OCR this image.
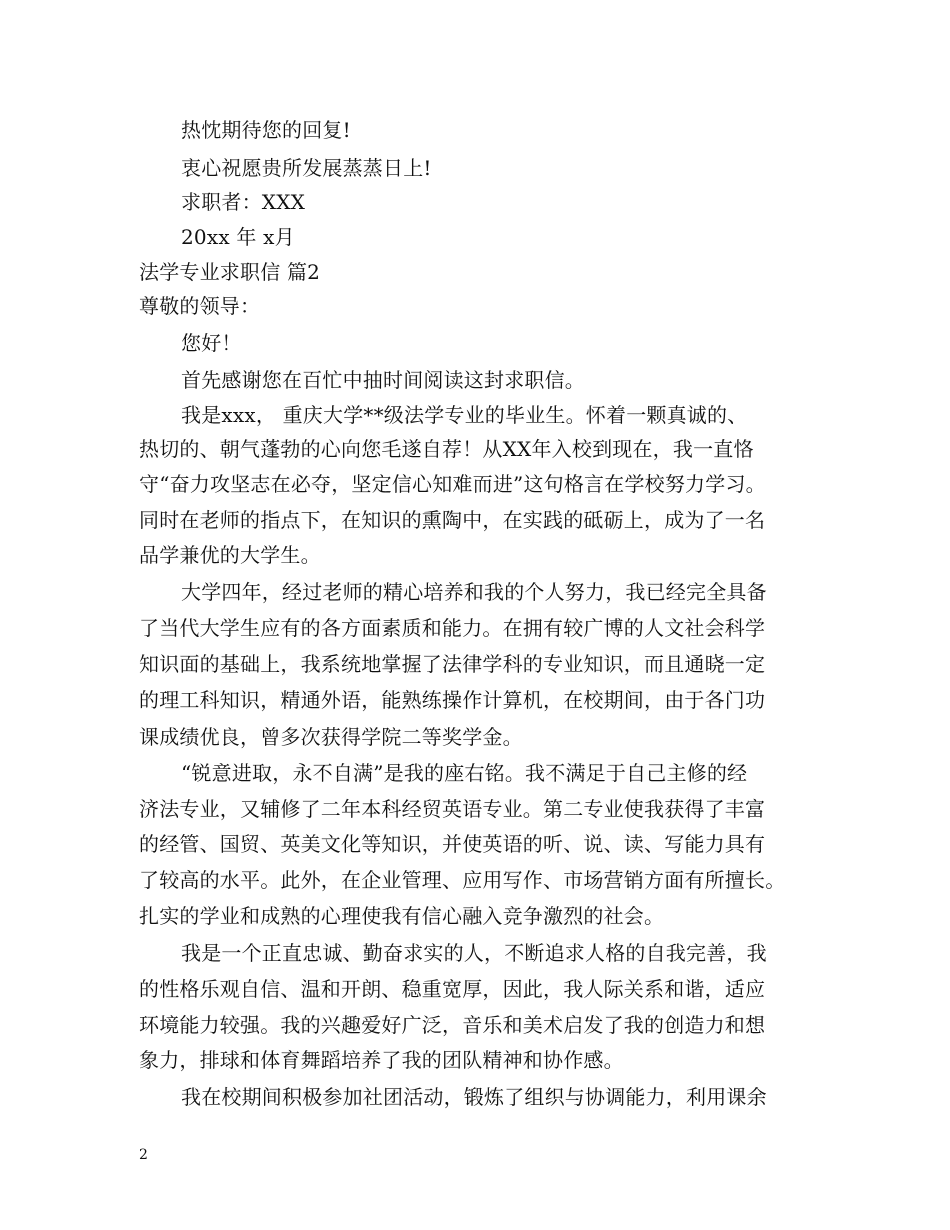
热忱期待您的回复!
衷心祝愿贵所发展蒸蒸日上!
求职者：XXX
20xx 年 x月
法学专业求职信 篇2
尊敬的领导：
您好！
首先感谢您在百忙中抽时间阅读这封求职信。
我是xxx， 重庆大学**级法学专业的毕业生。怀着一颗真诚的、
热切的、朝气蓬勃的心向您毛遂自荐！从XX年入校到现在，我一直恪
守“奋力攻坚志在必夺，坚定信心知难而进”这句格言在学校努力学习。
同时在老师的指点下，在知识的熏陶中，在实践的砥砺上，成为了一名
品学兼优的大学生。
大学四年，经过老师的精心培养和我的个人努力，我已经完全具备
了当代大学生应有的各方面素质和能力。在拥有较广博的人文社会科学
知识面的基础上，我系统地掌握了法律学科的专业知识，而且通晓一定
的理工科知识，精通外语，能熟练操作计算机，在校期间，由于各门功
课成绩优良，曾多次获得学院二等奖学金。
“锐意进取，永不自满”是我的座右铭。我不满足于自己主修的经
济法专业，又辅修了二年本科经贸英语专业。第二专业使我获得了丰富
的经管、国贸、英美文化等知识，并使英语的听、说、读、写能力具有
了较高的水平。此外，在企业管理、应用写作、市场营销方面有所擅长。
扎实的学业和成熟的心理使我有信心融入竞争激烈的社会。
我是一个正直忠诚、勤奋求实的人，不断追求人格的自我完善，我
的性格乐观自信、温和开朗、稳重宽厚，因此，我人际关系和谐，适应
环境能力较强。我的兴趣爱好广泛，音乐和美术启发了我的创造力和想
象力，排球和体育舞蹈培养了我的团队精神和协作感。
我在校期间积极参加社团活动，锻炼了组织与协调能力，利用课余
2
